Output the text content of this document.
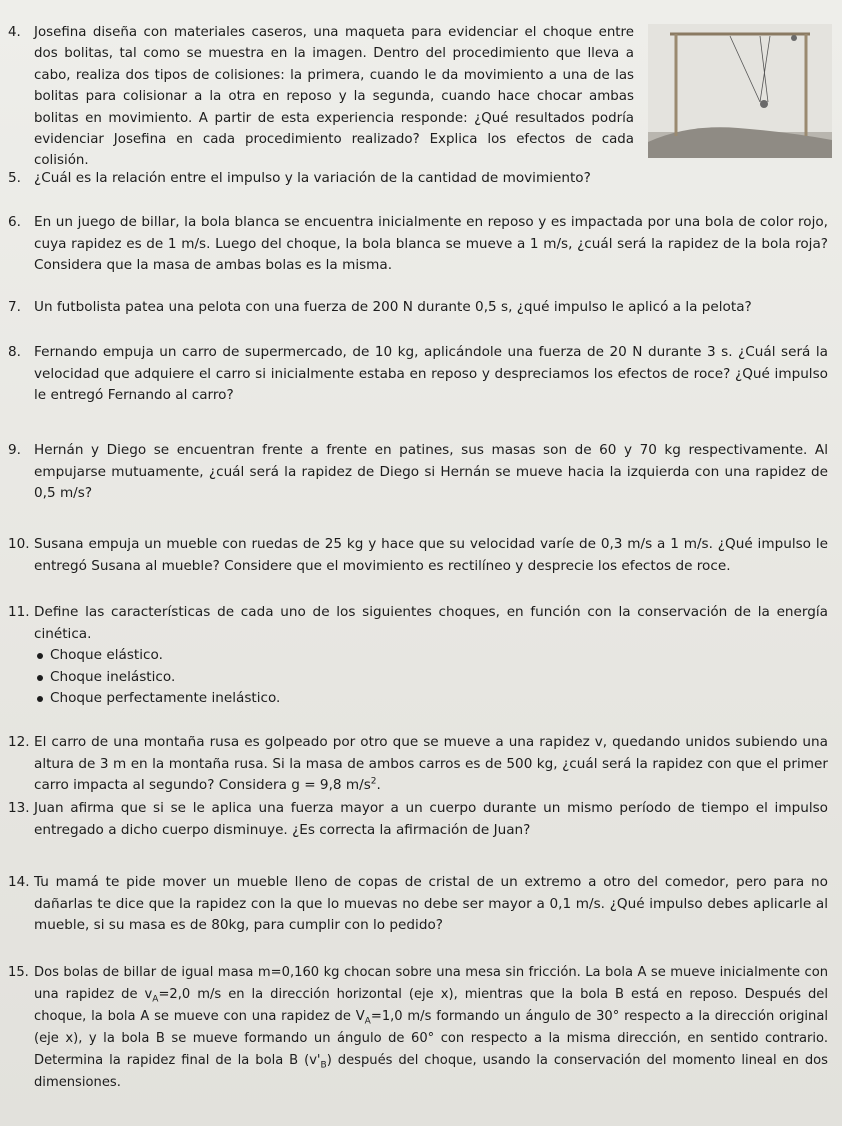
4. Josefina diseña con materiales caseros, una maqueta para evidenciar el choque entre dos bolitas, tal como se muestra en la imagen. Dentro del procedimiento que lleva a cabo, realiza dos tipos de colisiones: la primera, cuando le da movimiento a una de las bolitas para colisionar a la otra en reposo y la segunda, cuando hace chocar ambas bolitas en movimiento. A partir de esta experiencia responde: ¿Qué resultados podría evidenciar Josefina en cada procedimiento realizado? Explica los efectos de cada colisión.
5. ¿Cuál es la relación entre el impulso y la variación de la cantidad de movimiento?
6. En un juego de billar, la bola blanca se encuentra inicialmente en reposo y es impactada por una bola de color rojo, cuya rapidez es de 1 m/s. Luego del choque, la bola blanca se mueve a 1 m/s, ¿cuál será la rapidez de la bola roja? Considera que la masa de ambas bolas es la misma.
7. Un futbolista patea una pelota con una fuerza de 200 N durante 0,5 s, ¿qué impulso le aplicó a la pelota?
8. Fernando empuja un carro de supermercado, de 10 kg, aplicándole una fuerza de 20 N durante 3 s. ¿Cuál será la velocidad que adquiere el carro si inicialmente estaba en reposo y despreciamos los efectos de roce? ¿Qué impulso le entregó Fernando al carro?
9. Hernán y Diego se encuentran frente a frente en patines, sus masas son de 60 y 70 kg respectivamente. Al empujarse mutuamente, ¿cuál será la rapidez de Diego si Hernán se mueve hacia la izquierda con una rapidez de 0,5 m/s?
10. Susana empuja un mueble con ruedas de 25 kg y hace que su velocidad varíe de 0,3 m/s a 1 m/s. ¿Qué impulso le entregó Susana al mueble? Considere que el movimiento es rectilíneo y desprecie los efectos de roce.
11. Define las características de cada uno de los siguientes choques, en función con la conservación de la energía cinética.
Choque elástico.
Choque inelástico.
Choque perfectamente inelástico.
12. El carro de una montaña rusa es golpeado por otro que se mueve a una rapidez v, quedando unidos subiendo una altura de 3 m en la montaña rusa. Si la masa de ambos carros es de 500 kg, ¿cuál será la rapidez con que el primer carro impacta al segundo? Considera g = 9,8 $m/s^2$.
13. Juan afirma que si se le aplica una fuerza mayor a un cuerpo durante un mismo período de tiempo el impulso entregado a dicho cuerpo disminuye. ¿Es correcta la afirmación de Juan?
14. Tu mamá te pide mover un mueble lleno de copas de cristal de un extremo a otro del comedor, pero para no dañarlas te dice que la rapidez con la que lo muevas no debe ser mayor a 0,1 m/s. ¿Qué impulso debes aplicarle al mueble, si su masa es de 80kg, para cumplir con lo pedido?
15. Dos bolas de billar de igual masa m=0,160 kg chocan sobre una mesa sin fricción. La bola A se mueve inicialmente con una rapidez de $v_A=2,0$ m/s en la dirección horizontal (eje x), mientras que la bola B está en reposo. Después del choque, la bola A se mueve con una rapidez de $V_A=1,0$ m/s formando un ángulo de 30° respecto a la dirección original (eje x), y la bola B se mueve formando un ángulo de 60° con respecto a la misma dirección, en sentido contrario. Determina la rapidez final de la bola B $(v'_B)$ después del choque, usando la conservación del momento lineal en dos dimensiones.
